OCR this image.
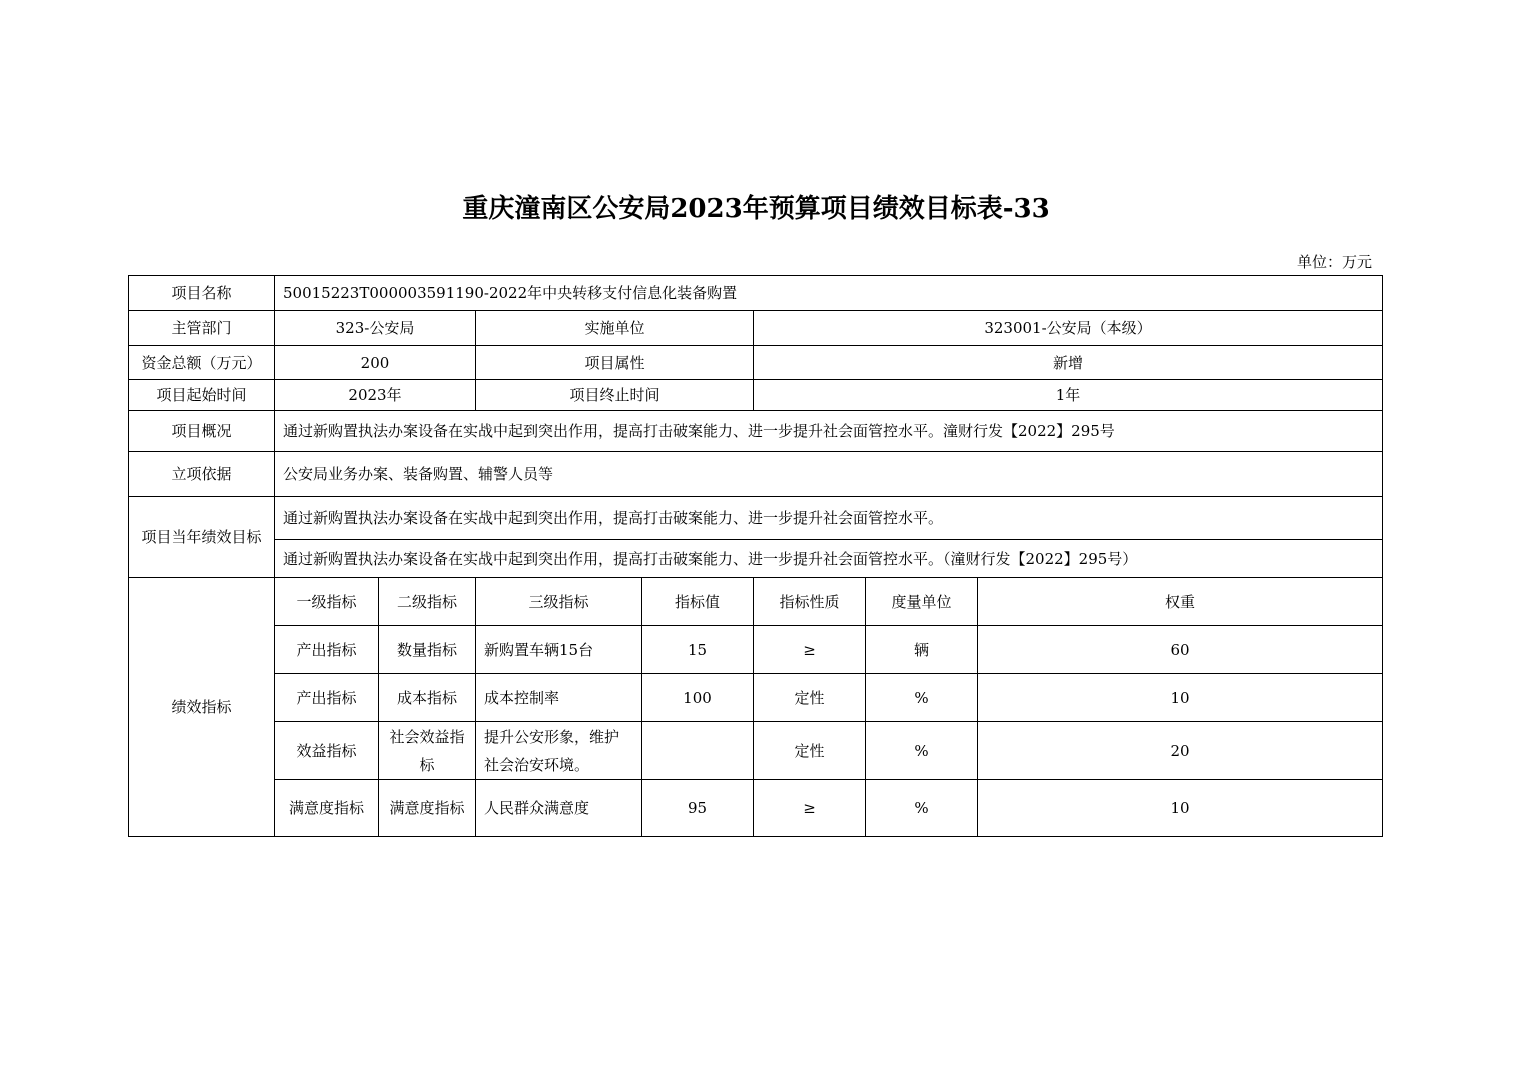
重庆潼南区公安局2023年预算项目绩效目标表-33
单位：万元
项目名称	50015223T000003591190-2022年中央转移支付信息化装备购置						
主管部门	323-公安局		实施单位		323001-公安局（本级）		
资金总额（万元）	200		项目属性		新增		
项目起始时间	2023年		项目终止时间		1年		
项目概况	通过新购置执法办案设备在实战中起到突出作用，提高打击破案能力、进一步提升社会面管控水平。潼财行发【2022】295号						
立项依据	公安局业务办案、装备购置、辅警人员等						
项目当年绩效目标	通过新购置执法办案设备在实战中起到突出作用，提高打击破案能力、进一步提升社会面管控水平。						
	通过新购置执法办案设备在实战中起到突出作用，提高打击破案能力、进一步提升社会面管控水平。（潼财行发【2022】295号）						
绩效指标	一级指标	二级指标	三级指标	指标值	指标性质	度量单位	权重
	产出指标	数量指标	新购置车辆15台	15	≥	辆	60
	产出指标	成本指标	成本控制率	100	定性	%	10
	效益指标	社会效益指标	提升公安形象，维护社会治安环境。		定性	%	20
	满意度指标	满意度指标	人民群众满意度	95	≥	%	10
